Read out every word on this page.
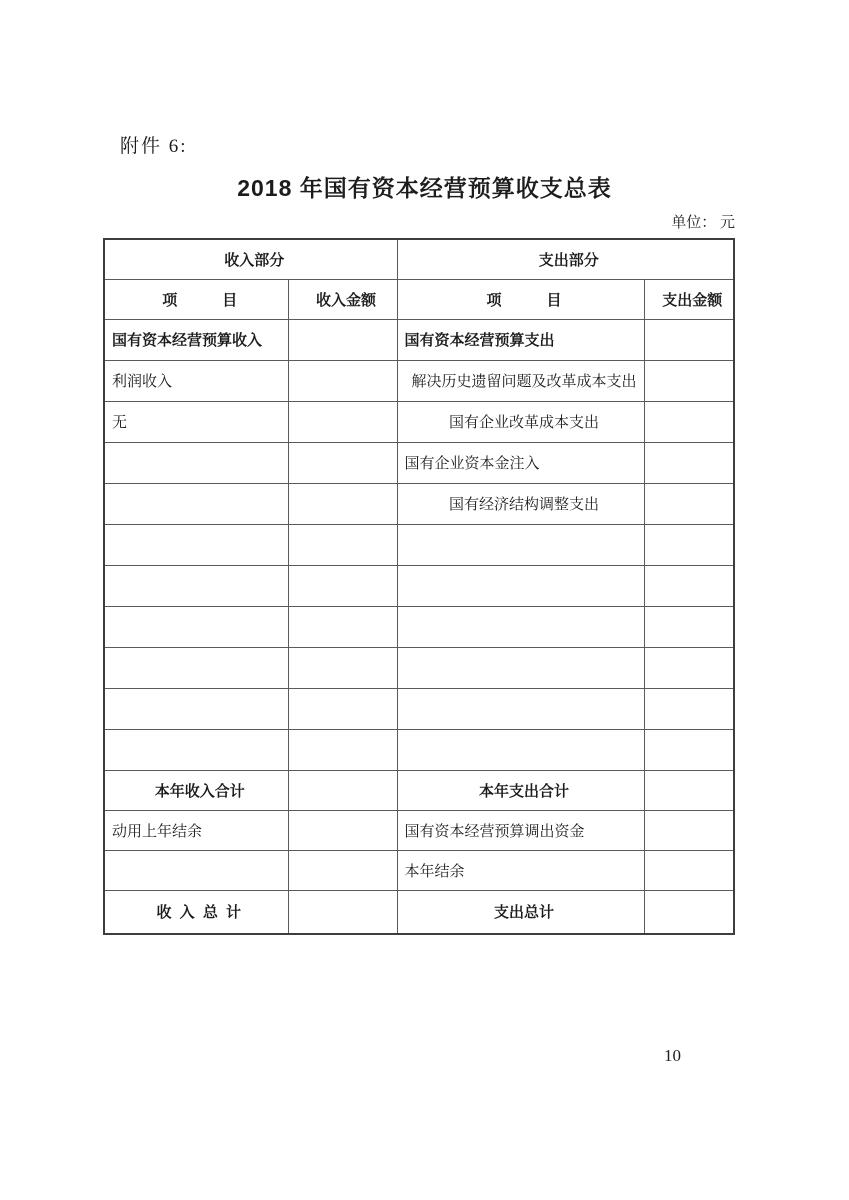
附件 6:
2018 年国有资本经营预算收支总表
单位： 元
收入部分		支出部分	
项　　　目	收入金额	项　　　目	支出金额
国有资本经营预算收入		国有资本经营预算支出	
利润收入		解决历史遗留问题及改革成本支出	
无		国有企业改革成本支出	
		国有企业资本金注入	
		国有经济结构调整支出	

本年收入合计		本年支出合计	
动用上年结余		国有资本经营预算调出资金	
		本年结余	
收 入 总 计		支出总计	
10
